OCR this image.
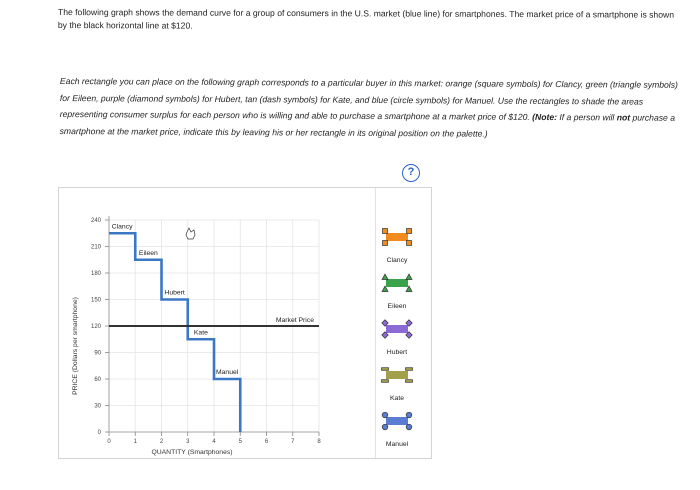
The following graph shows the demand curve for a group of consumers in the U.S. market (blue line) for smartphones. The market price of a smartphone is shown by the black horizontal line at $120.
Each rectangle you can place on the following graph corresponds to a particular buyer in this market: orange (square symbols) for Clancy, green (triangle symbols) for Eileen, purple (diamond symbols) for Hubert, tan (dash symbols) for Kate, and blue (circle symbols) for Manuel. Use the rectangles to shade the areas representing consumer surplus for each person who is willing and able to purchase a smartphone at a market price of $120. (Note: If a person will not purchase a smartphone at the market price, indicate this by leaving his or her rectangle in its original position on the palette.)
?
0
30
60
90
120
150
180
210
240
0	1	2	3	4	5	6	7	8
QUANTITY (Smartphones)
PRICE (Dollars per smartphone)
Clancy
Eileen
Hubert
Kate
Manuel
Market Price
Clancy
Eileen
Hubert
Kate
Manuel
